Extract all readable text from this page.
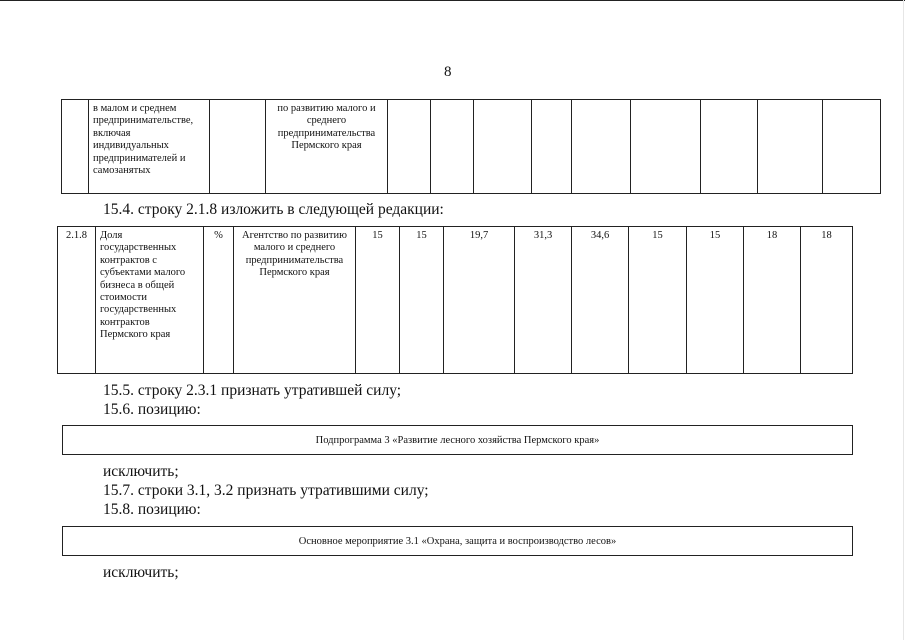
8
	в малом и среднем предпринимательстве, включая индивидуальных предпринимателей и самозанятых		по развитию малого и среднего предпринимательства Пермского края									
15.4. строку 2.1.8 изложить в следующей редакции:
2.1.8	Доля государственных контрактов с субъектами малого бизнеса в общей стоимости государственных контрактов Пермского края	%	Агентство по развитию малого и среднего предпринимательства Пермского края	15	15	19,7	31,3	34,6	15	15	18	18
15.5. строку 2.3.1 признать утратившей силу;
15.6. позицию:
Подпрограмма 3 «Развитие лесного хозяйства Пермского края»
исключить;
15.7. строки 3.1, 3.2 признать утратившими силу;
15.8. позицию:
Основное мероприятие 3.1 «Охрана, защита и воспроизводство лесов»
исключить;
